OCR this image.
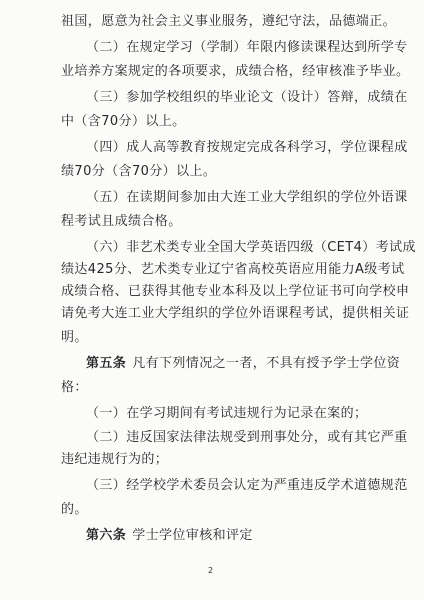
2
祖国，愿意为社会主义事业服务，遵纪守法，品德端正。
（二）在规定学习（学制）年限内修读课程达到所学专
业培养方案规定的各项要求，成绩合格，经审核准予毕业。
（三）参加学校组织的毕业论文（设计）答辩，成绩在
中（含70分）以上。
（四）成人高等教育按规定完成各科学习，学位课程成
绩70分（含70分）以上。
（五）在读期间参加由大连工业大学组织的学位外语课
程考试且成绩合格。
（六）非艺术类专业全国大学英语四级（CET4）考试成
绩达425分、艺术类专业辽宁省高校英语应用能力A级考试
成绩合格、已获得其他专业本科及以上学位证书可向学校申
请免考大连工业大学组织的学位外语课程考试，提供相关证
明。
第五条 凡有下列情况之一者，不具有授予学士学位资
格：
（一）在学习期间有考试违规行为记录在案的；
（二）违反国家法律法规受到刑事处分，或有其它严重
违纪违规行为的；
（三）经学校学术委员会认定为严重违反学术道德规范
的。
第六条 学士学位审核和评定
